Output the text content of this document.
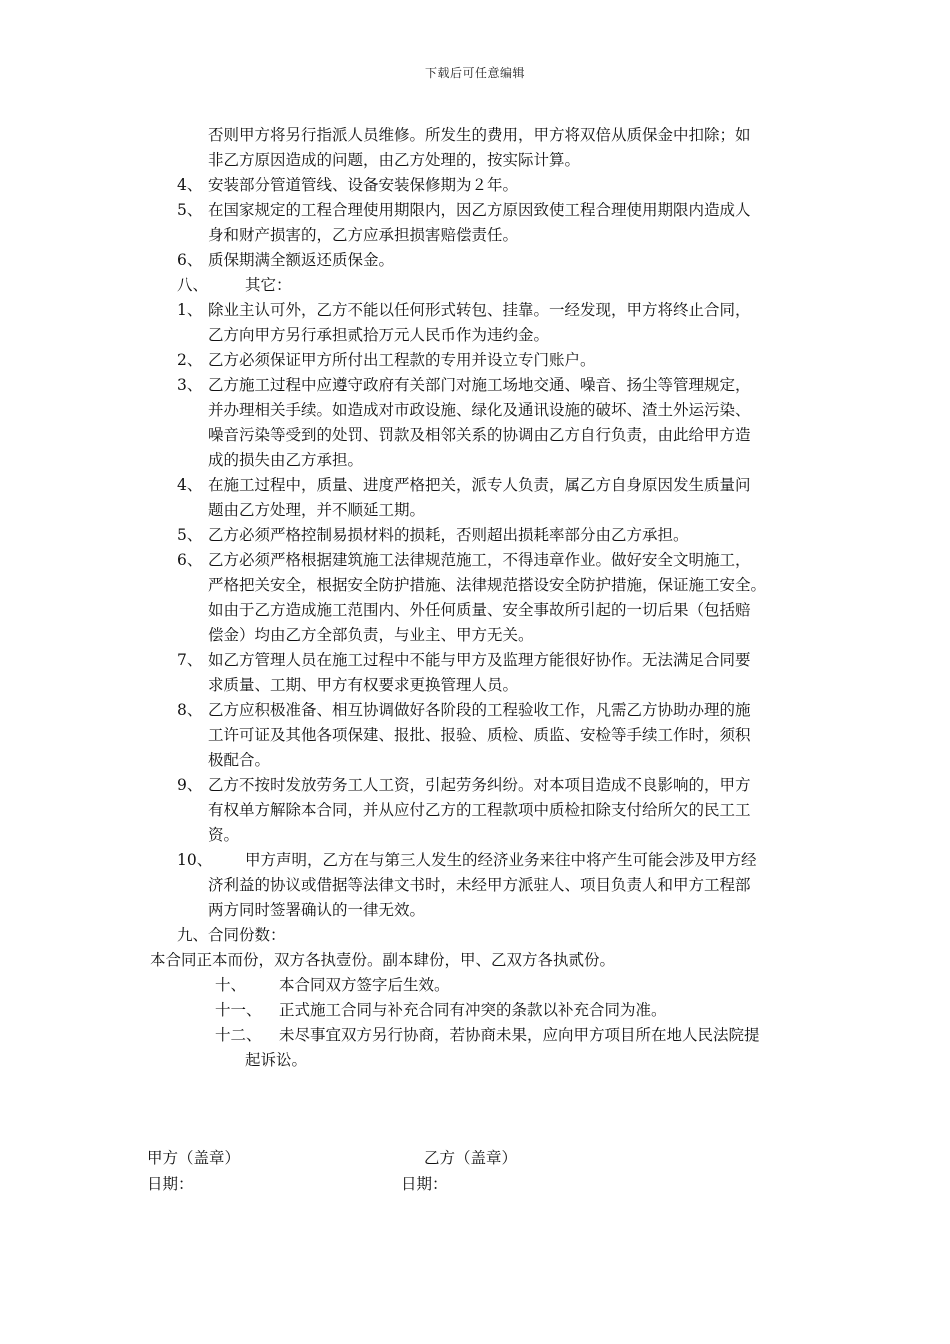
下载后可任意编辑
否则甲方将另行指派人员维修。所发生的费用，甲方将双倍从质保金中扣除；如
非乙方原因造成的问题，由乙方处理的，按实际计算。
4、 安装部分管道管线、设备安装保修期为２年。
5、 在国家规定的工程合理使用期限内，因乙方原因致使工程合理使用期限内造成人
身和财产损害的，乙方应承担损害赔偿责任。
6、 质保期满全额返还质保金。
八、 其它：
1、 除业主认可外，乙方不能以任何形式转包、挂靠。一经发现，甲方将终止合同，
乙方向甲方另行承担贰拾万元人民币作为违约金。
2、 乙方必须保证甲方所付出工程款的专用并设立专门账户。
3、 乙方施工过程中应遵守政府有关部门对施工场地交通、噪音、扬尘等管理规定，
并办理相关手续。如造成对市政设施、绿化及通讯设施的破坏、渣土外运污染、
噪音污染等受到的处罚、罚款及相邻关系的协调由乙方自行负责，由此给甲方造
成的损失由乙方承担。
4、 在施工过程中，质量、进度严格把关，派专人负责，属乙方自身原因发生质量问
题由乙方处理，并不顺延工期。
5、 乙方必须严格控制易损材料的损耗，否则超出损耗率部分由乙方承担。
6、 乙方必须严格根据建筑施工法律规范施工，不得违章作业。做好安全文明施工，
严格把关安全，根据安全防护措施、法律规范搭设安全防护措施，保证施工安全。
如由于乙方造成施工范围内、外任何质量、安全事故所引起的一切后果（包括赔
偿金）均由乙方全部负责，与业主、甲方无关。
7、 如乙方管理人员在施工过程中不能与甲方及监理方能很好协作。无法满足合同要
求质量、工期、甲方有权要求更换管理人员。
8、 乙方应积极准备、相互协调做好各阶段的工程验收工作，凡需乙方协助办理的施
工许可证及其他各项保建、报批、报验、质检、质监、安检等手续工作时，须积
极配合。
9、 乙方不按时发放劳务工人工资，引起劳务纠纷。对本项目造成不良影响的，甲方
有权单方解除本合同，并从应付乙方的工程款项中质检扣除支付给所欠的民工工
资。
10、 甲方声明，乙方在与第三人发生的经济业务来往中将产生可能会涉及甲方经
济利益的协议或借据等法律文书时，未经甲方派驻人、项目负责人和甲方工程部
两方同时签署确认的一律无效。
九、合同份数：
本合同正本而份，双方各执壹份。副本肆份，甲、乙双方各执贰份。
十、 本合同双方签字后生效。
十一、 正式施工合同与补充合同有冲突的条款以补充合同为准。
十二、 未尽事宜双方另行协商，若协商未果，应向甲方项目所在地人民法院提
起诉讼。
甲方（盖章）	乙方（盖章）
日期：	日期：
